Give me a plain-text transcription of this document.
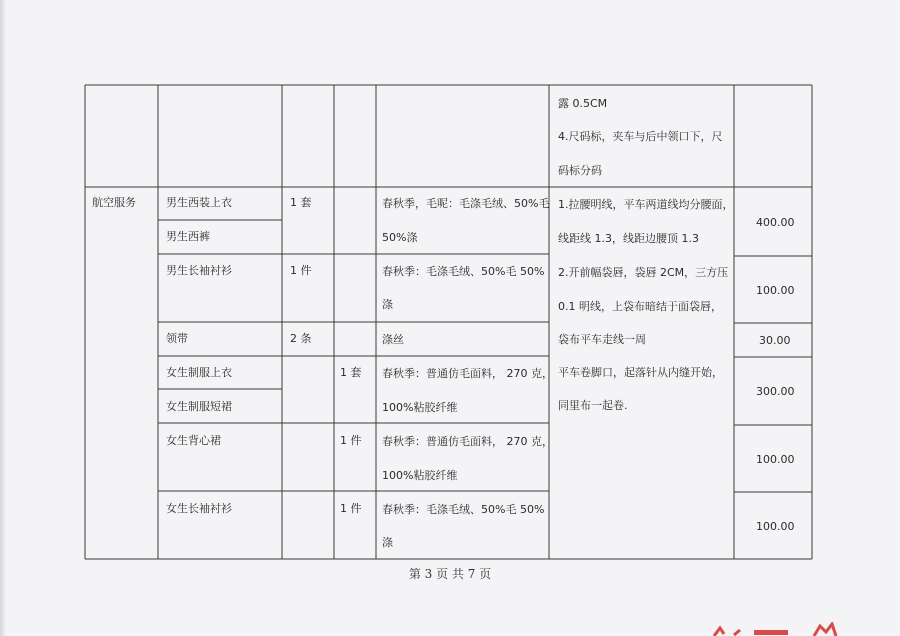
露 0.5CM
4.尺码标，夹车与后中领口下，尺
码标分码
航空服务	男生西装上衣
男生西裤
男生长袖衬衫
领带
女生制服上衣
女生制服短裙
女生背心裙
女生长袖衬衫
1 套
1 件
2 条
1 套
1 件
1 件
春秋季，毛呢：毛涤毛绒、50%毛
50%涤
春秋季：毛涤毛绒、50%毛 50%
涤
涤丝
春秋季：普通仿毛面料， 270 克，
100%粘胶纤维
春秋季：普通仿毛面料， 270 克，
100%粘胶纤维
春秋季：毛涤毛绒、50%毛 50%
涤
1.拉腰明线，平车两道线均分腰面，
线距线 1.3，线距边腰顶 1.3
2.开前幅袋唇，袋唇 2CM，三方压
0.1 明线，上袋布暗结于面袋唇，
袋布平车走线一周
平车卷脚口，起落针从内缝开始，
同里布一起卷.
400.00
100.00
30.00
300.00
100.00
100.00
第 3 页 共 7 页
